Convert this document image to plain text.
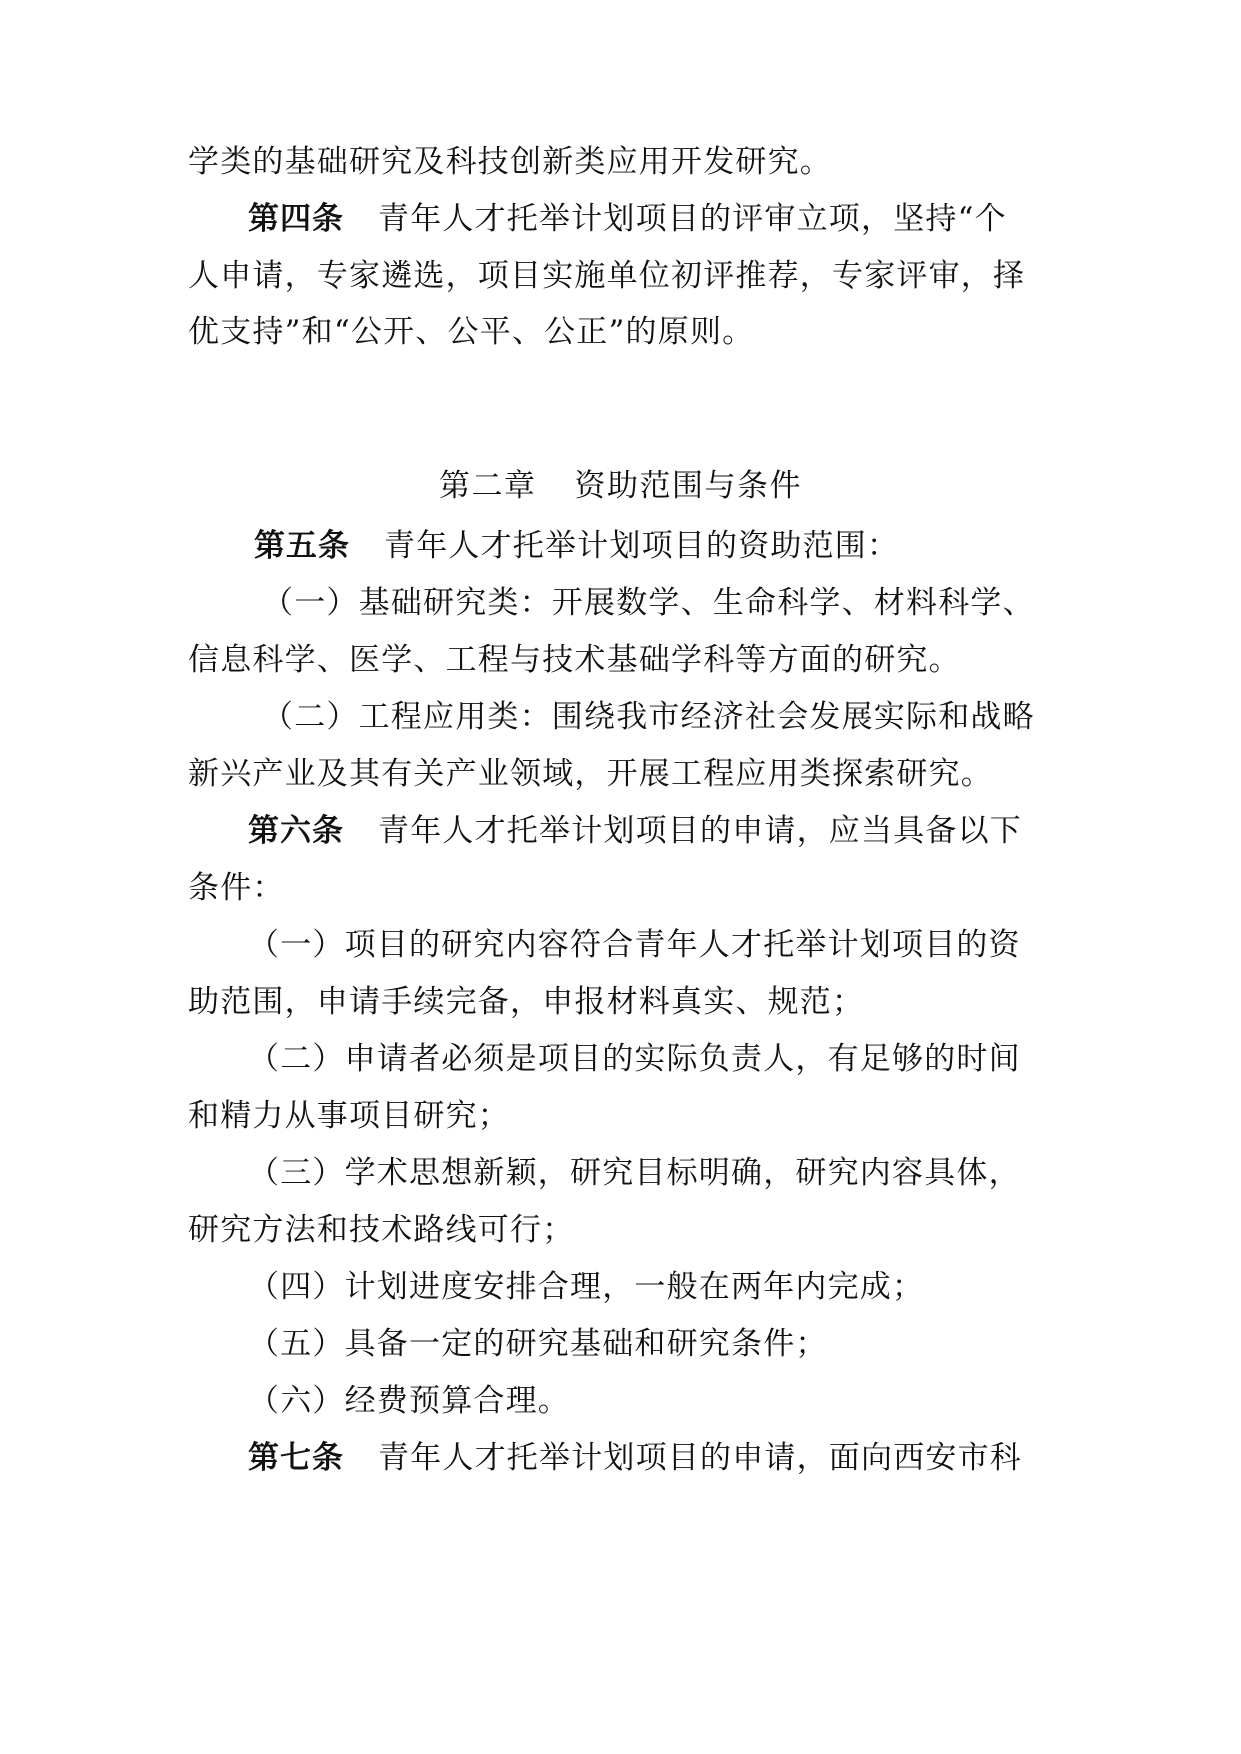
学类的基础研究及科技创新类应用开发研究。
第四条 青年人才托举计划项目的评审立项，坚持“个
人申请，专家遴选，项目实施单位初评推荐，专家评审，择
优支持”和“公开、公平、公正”的原则。
第二章 资助范围与条件
第五条 青年人才托举计划项目的资助范围：
（一）基础研究类：开展数学、生命科学、材料科学、
信息科学、医学、工程与技术基础学科等方面的研究。
（二）工程应用类：围绕我市经济社会发展实际和战略
新兴产业及其有关产业领域，开展工程应用类探索研究。
第六条 青年人才托举计划项目的申请，应当具备以下
条件：
（一）项目的研究内容符合青年人才托举计划项目的资
助范围，申请手续完备，申报材料真实、规范；
（二）申请者必须是项目的实际负责人，有足够的时间
和精力从事项目研究；
（三）学术思想新颖，研究目标明确，研究内容具体，
研究方法和技术路线可行；
（四）计划进度安排合理，一般在两年内完成；
（五）具备一定的研究基础和研究条件；
（六）经费预算合理。
第七条 青年人才托举计划项目的申请，面向西安市科
